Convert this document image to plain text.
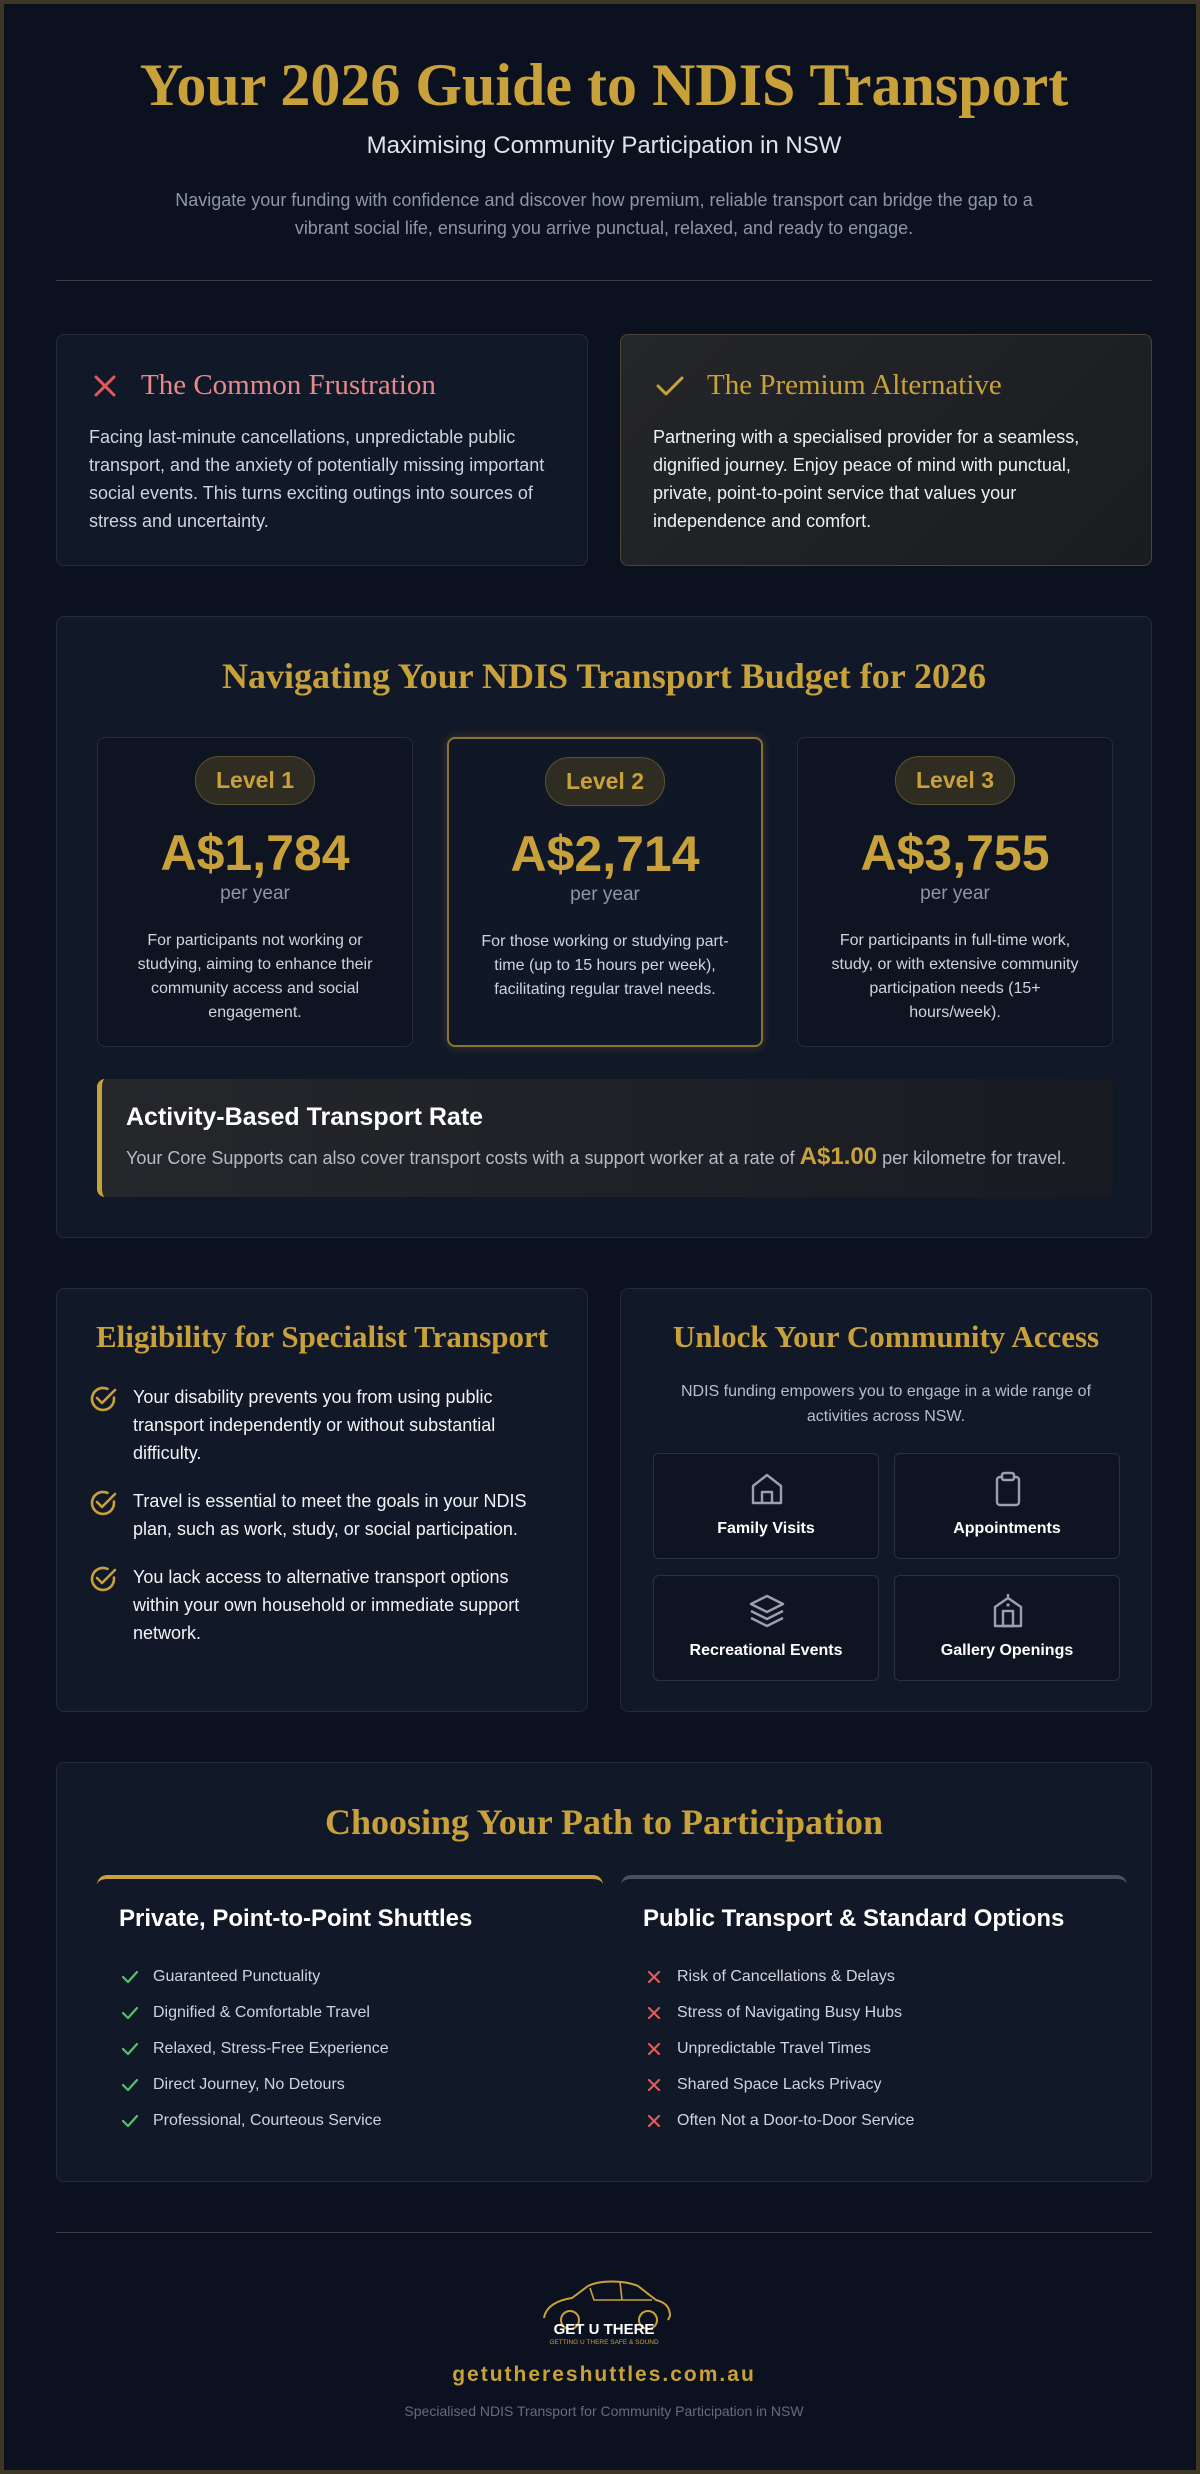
Your 2026 Guide to NDIS Transport
Maximising Community Participation in NSW

Navigate your funding with confidence and discover how premium, reliable transport can bridge the gap to a vibrant social life, ensuring you arrive punctual, relaxed, and ready to engage.

The Common Frustration

Facing last-minute cancellations, unpredictable public transport, and the anxiety of potentially missing important social events. This turns exciting outings into sources of stress and uncertainty.

The Premium Alternative

Partnering with a specialised provider for a seamless, dignified journey. Enjoy peace of mind with punctual, private, point-to-point service that values your independence and comfort.

Navigating Your NDIS Transport Budget for 2026
Level 1
A$1,784
per year

For participants not working or studying, aiming to enhance their community access and social engagement.

Level 2
A$2,714
per year

For those working or studying part-time (up to 15 hours per week), facilitating regular travel needs.

Level 3
A$3,755
per year

For participants in full-time work, study, or with extensive community participation needs (15+ hours/week).

Activity-Based Transport Rate

Your Core Supports can also cover transport costs with a support worker at a rate of A$1.00 per kilometre for travel.

Eligibility for Specialist Transport
Your disability prevents you from using public transport independently or without substantial difficulty.
Travel is essential to meet the goals in your NDIS plan, such as work, study, or social participation.
You lack access to alternative transport options within your own household or immediate support network.
Unlock Your Community Access

NDIS funding empowers you to engage in a wide range of activities across NSW.

Family Visits	Appointments
Recreational Events	Gallery Openings
Choosing Your Path to Participation
Private, Point-to-Point Shuttles
Guaranteed Punctuality
Dignified & Comfortable Travel
Relaxed, Stress-Free Experience
Direct Journey, No Detours
Professional, Courteous Service
Public Transport & Standard Options
Risk of Cancellations & Delays
Stress of Navigating Busy Hubs
Unpredictable Travel Times
Shared Space Lacks Privacy
Often Not a Door-to-Door Service
GET U THERE
GETTING U THERE SAFE & SOUND
getuthereshuttles.com.au
Specialised NDIS Transport for Community Participation in NSW
